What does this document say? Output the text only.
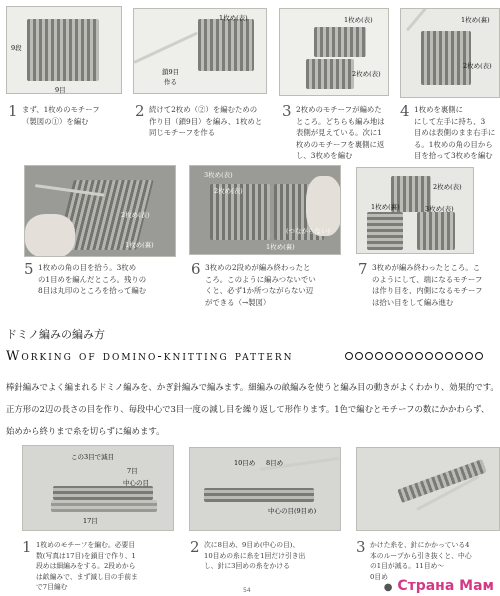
9段
9目
1枚め(表)
鎖9目
作る
1枚め(表)
2枚め(表)
1枚め(裏)
2枚め(表)
1 まず、1枚めのモチーフ
（製図の①）を編む
2 続けて2枚め（②）を編むための
作り目（鎖9目）を編み、1枚めと
同じモチーフを作る
3 2枚めのモチーフが編めた
ところ。どちらも編み地は
表側が見えている。次に1
枚めのモチーフを裏側に返
し、3枚めを編む
4 1枚めを裏側に
にして左手に持ち、3
目めは表側のまま右手に
る。1枚めの角の目から
目を拾って3枚めを編む
2枚め(表)
1枚め(裏)
3枚め(表)
2枚め(表)
1枚め(裏)
(つながらない)
2枚め(表)
3枚め(表)
1枚め(裏)
5 1枚めの角の目を拾う。3枚め
の1目めを編んだところ。残りの
8目は丸印のところを拾って編む
6 3枚めの2段めが編み終わったと
ころ。このように編みつないでい
くと、必ず1か所つながらない辺
ができる（→製図）
7 3枚めが編み終わったところ。こ
のようにして、端になるモチーフ
は作り目を、内側になるモチーフ
は拾い目をして編み進む
ドミノ編みの編み方
Working of domino-knitting pattern
棒針編みでよく編まれるドミノ編みを、かぎ針編みで編みます。細編みの畝編みを使うと編み目の動きがよくわかり、効果的です。
正方形の2辺の長さの目を作り、毎段中心で3目一度の減し目を繰り返して形作ります。1色で編むとモチーフの数にかかわらず、
始めから終りまで糸を切らずに編めます。
この3目で減目
7目
中心の目
17目
10目め 8目め
中心の目(9目め)
1 1枚めのモチーフを編む。必要目
数(写真は17目)を鎖目で作り、1
段めは細編みをする。2段めから
は畝編みで、まず減し目の手前ま
で7目編む
2 次に8目め、9目め(中心の目)、
10目めの糸に糸を1回だけ引き出
し、針に3回めの糸をかける
3 かけた糸を、針にかかっている4
本のループから引き抜くと、中心
の1目が減る。11目め〜
0目め
54	● Страна Мам
